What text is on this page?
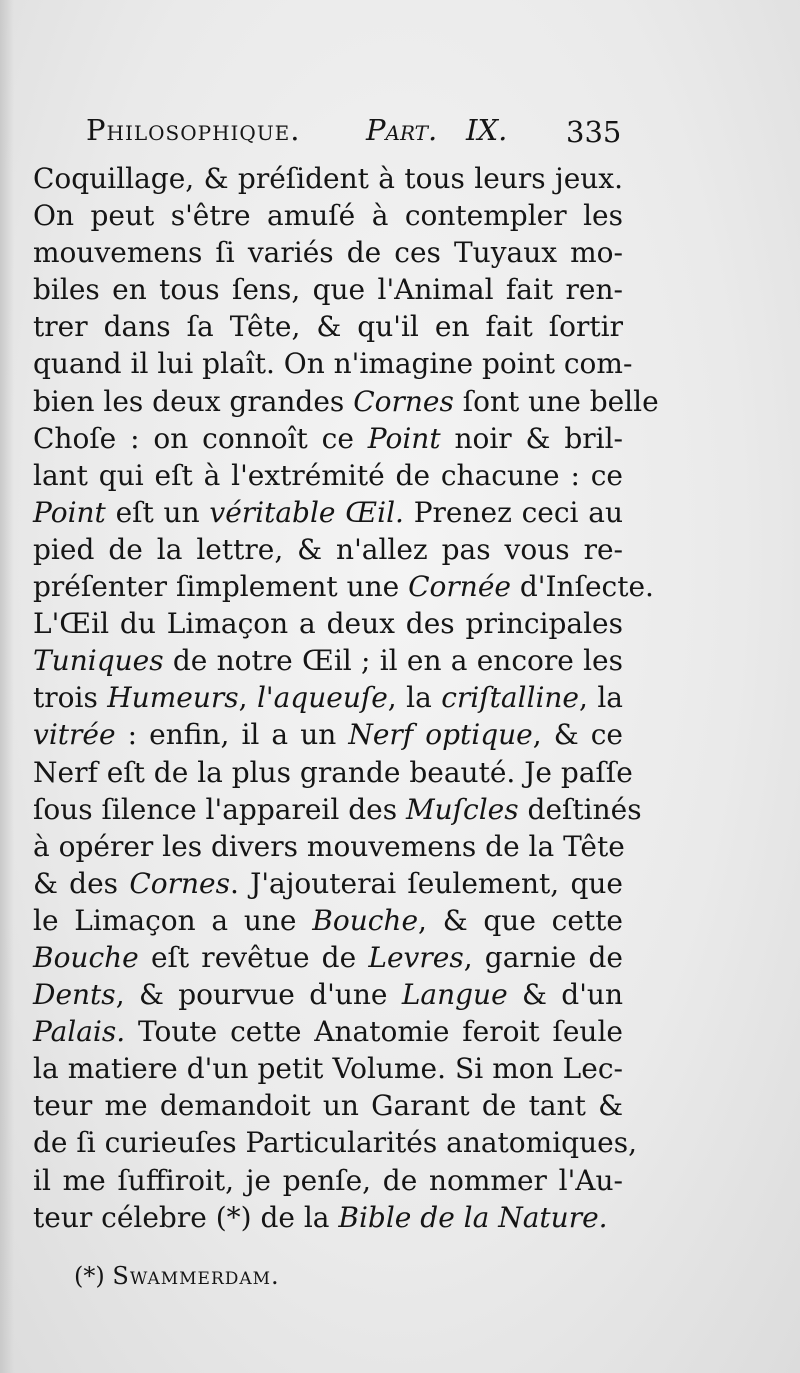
Philosophique. Part. IX. 335
Coquillage, & préſident à tous leurs jeux.
On peut s'être amuſé à contempler les
mouvemens ſi variés de ces Tuyaux mo-
biles en tous ſens, que l'Animal fait ren-
trer dans ſa Tête, & qu'il en fait ſortir
quand il lui plaît. On n'imagine point com-
bien les deux grandes Cornes ſont une belle
Choſe : on connoît ce Point noir & bril-
lant qui eſt à l'extrémité de chacune : ce
Point eſt un véritable Œil. Prenez ceci au
pied de la lettre, & n'allez pas vous re-
préſenter ſimplement une Cornée d'Inſecte.
L'Œil du Limaçon a deux des principales
Tuniques de notre Œil ; il en a encore les
trois Humeurs, l'aqueuſe, la criſtalline, la
vitrée : enfin, il a un Nerf optique, & ce
Nerf eſt de la plus grande beauté. Je paſſe
ſous ſilence l'appareil des Muſcles deſtinés
à opérer les divers mouvemens de la Tête
& des Cornes. J'ajouterai ſeulement, que
le Limaçon a une Bouche, & que cette
Bouche eſt revêtue de Levres, garnie de
Dents, & pourvue d'une Langue & d'un
Palais. Toute cette Anatomie feroit ſeule
la matiere d'un petit Volume. Si mon Lec-
teur me demandoit un Garant de tant &
de ſi curieuſes Particularités anatomiques,
il me ſuffiroit, je penſe, de nommer l'Au-
teur célebre (*) de la Bible de la Nature.
(*) Swammerdam.
